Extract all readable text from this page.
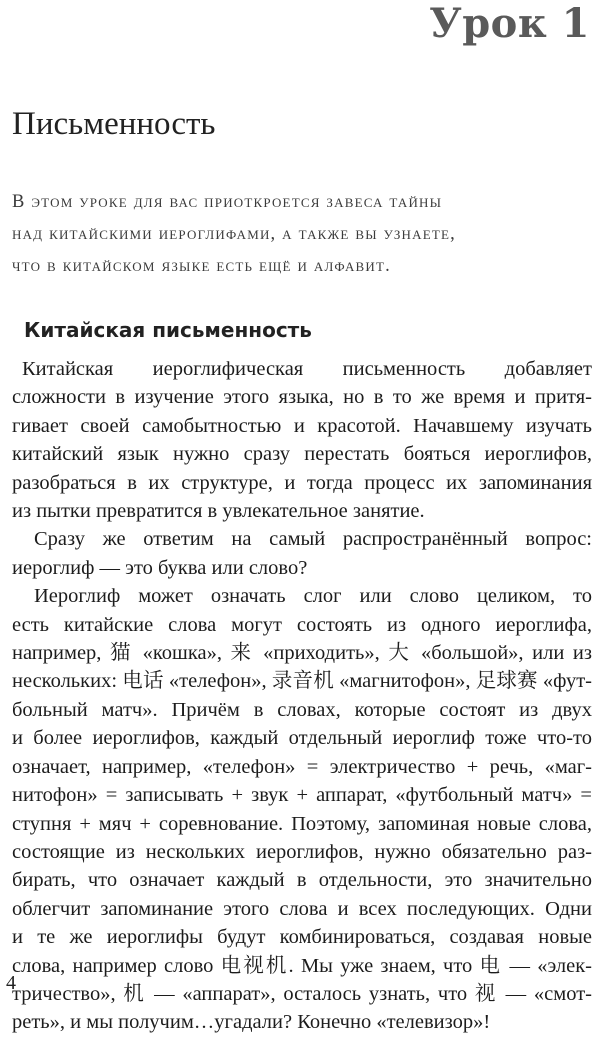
Урок 1
Письменность
В этом уроке для вас приоткроется завеса тайны
над китайскими иероглифами, а также вы узнаете,
что в китайском языке есть ещё и алфавит.
Китайская письменность
Китайская иероглифическая письменность добавляет
сложности в изучение этого языка, но в то же время и притя-
гивает своей самобытностью и красотой. Начавшему изучать
китайский язык нужно сразу перестать бояться иероглифов,
разобраться в их структуре, и тогда процесс их запоминания
из пытки превратится в увлекательное занятие.
Сразу же ответим на самый распространённый вопрос:
иероглиф — это буква или слово?
Иероглиф может означать слог или слово целиком, то
есть китайские слова могут состоять из одного иероглифа,
например, 猫 «кошка», 来 «приходить», 大 «большой», или из
нескольких: 电话 «телефон», 录音机 «магнитофон», 足球赛 «фут-
больный матч». Причём в словах, которые состоят из двух
и более иероглифов, каждый отдельный иероглиф тоже что-то
означает, например, «телефон» = электричество + речь, «маг-
нитофон» = записывать + звук + аппарат, «футбольный матч» =
ступня + мяч + соревнование. Поэтому, запоминая новые слова,
состоящие из нескольких иероглифов, нужно обязательно раз-
бирать, что означает каждый в отдельности, это значительно
облегчит запоминание этого слова и всех последующих. Одни
и те же иероглифы будут комбинироваться, создавая новые
слова, например слово 电视机. Мы уже знаем, что 电 — «элек-
тричество», 机 — «аппарат», осталось узнать, что 视 — «смот-
реть», и мы получим…угадали? Конечно «телевизор»!
4
